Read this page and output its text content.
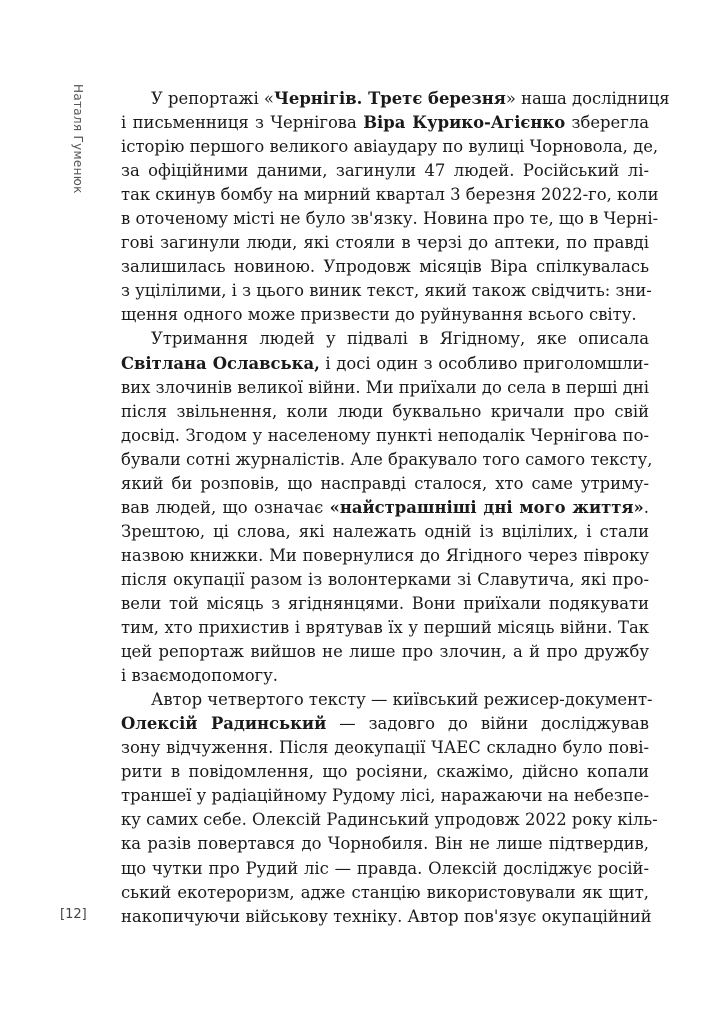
Наталя Гуменюк	У репортажі «Чернігів. Третє березня» наша дослідниця
і письменниця з Чернігова Віра Курико-Агієнко зберегла
історію першого великого авіаудару по вулиці Чорновола, де,
за офіційними даними, загинули 47 людей. Російський лі-
так скинув бомбу на мирний квартал 3 березня 2022-го, коли
в оточеному місті не було зв'язку. Новина про те, що в Черні-
гові загинули люди, які стояли в черзі до аптеки, по правді
залишилась новиною. Упродовж місяців Віра спілкувалась
з уцілілими, і з цього виник текст, який також свідчить: зни-
щення одного може призвести до руйнування всього світу.

Утримання людей у підвалі в Ягідному, яке описала
Світлана Ославська, і досі один з особливо приголомшли-
вих злочинів великої війни. Ми приїхали до села в перші дні
після звільнення, коли люди буквально кричали про свій
досвід. Згодом у населеному пункті неподалік Чернігова по-
бували сотні журналістів. Але бракувало того самого тексту,
який би розповів, що насправді сталося, хто саме утриму-
вав людей, що означає «найстрашніші дні мого життя».
Зрештою, ці слова, які належать одній із вцілілих, і стали
назвою книжки. Ми повернулися до Ягідного через півроку
після окупації разом із волонтерками зі Славутича, які про-
вели той місяць з ягіднянцями. Вони приїхали подякувати
тим, хто прихистив і врятував їх у перший місяць війни. Так
цей репортаж вийшов не лише про злочин, а й про дружбу
і взаємодопомогу.

Автор четвертого тексту — київський режисер-документ-
Олексій Радинський — задовго до війни досліджував
зону відчуження. Після деокупації ЧАЕС складно було пові-
рити в повідомлення, що росіяни, скажімо, дійсно копали
траншеї у радіаційному Рудому лісі, наражаючи на небезпе-
ку самих себе. Олексій Радинський упродовж 2022 року кіль-
ка разів повертався до Чорнобиля. Він не лише підтвердив,
що чутки про Рудий ліс — правда. Олексій досліджує росій-
ський екотероризм, адже станцію використовували як щит,
накопичуючи військову техніку. Автор пов'язує окупаційний

[12]
